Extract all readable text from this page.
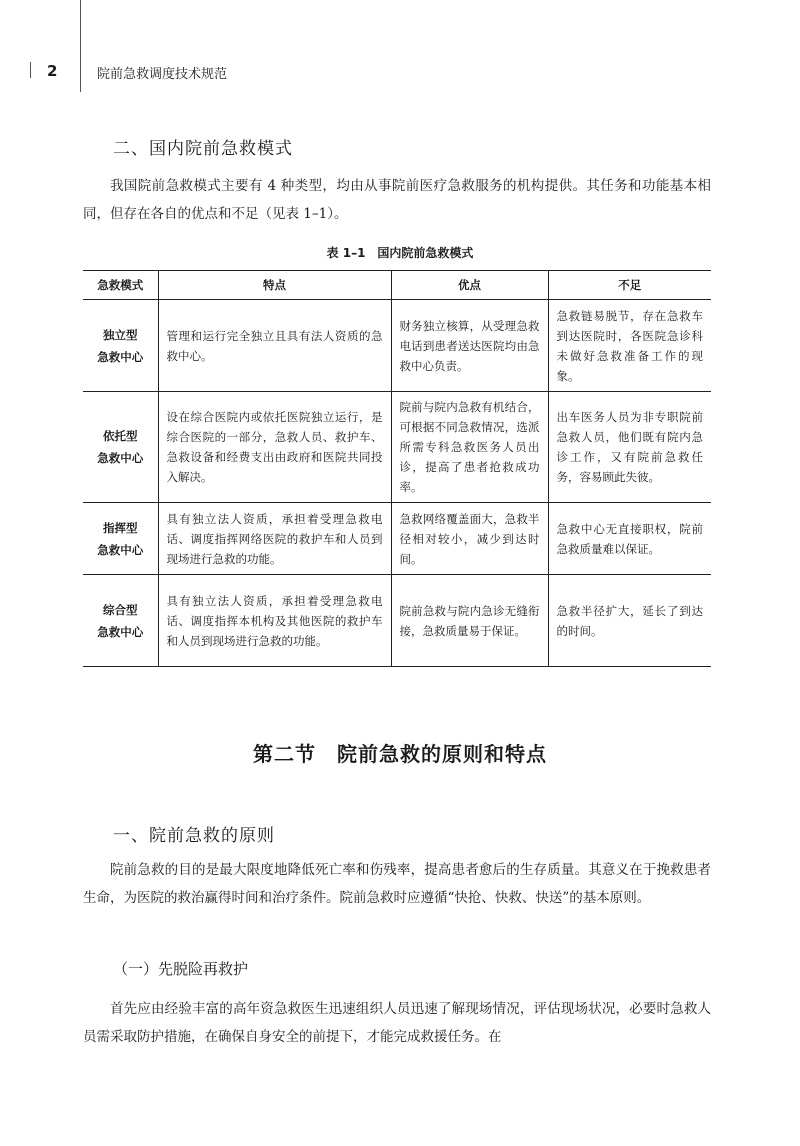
2	院前急救调度技术规范
二、国内院前急救模式
我国院前急救模式主要有 4 种类型，均由从事院前医疗急救服务的机构提供。其任务和功能基本相同，但存在各自的优点和不足（见表 1–1）。
表 1–1　国内院前急救模式
急救模式	特点	优点	不足

独立型
急救中心	管理和运行完全独立且具有法人资质的急救中心。	财务独立核算，从受理急救电话到患者送达医院均由急救中心负责。	急救链易脱节，存在急救车到达医院时，各医院急诊科未做好急救准备工作的现象。

依托型
急救中心	设在综合医院内或依托医院独立运行，是综合医院的一部分，急救人员、救护车、急救设备和经费支出由政府和医院共同投入解决。	院前与院内急救有机结合，可根据不同急救情况，选派所需专科急救医务人员出诊，提高了患者抢救成功率。	出车医务人员为非专职院前急救人员，他们既有院内急诊工作，又有院前急救任务，容易顾此失彼。

指挥型
急救中心	具有独立法人资质，承担着受理急救电话、调度指挥网络医院的救护车和人员到现场进行急救的功能。	急救网络覆盖面大，急救半径相对较小，减少到达时间。	急救中心无直接职权，院前急救质量难以保证。

综合型
急救中心	具有独立法人资质，承担着受理急救电话、调度指挥本机构及其他医院的救护车和人员到现场进行急救的功能。	院前急救与院内急诊无缝衔接，急救质量易于保证。	急救半径扩大，延长了到达的时间。
第二节　院前急救的原则和特点
一、院前急救的原则
院前急救的目的是最大限度地降低死亡率和伤残率，提高患者愈后的生存质量。其意义在于挽救患者生命，为医院的救治赢得时间和治疗条件。院前急救时应遵循“快抢、快救、快送”的基本原则。
（一）先脱险再救护
首先应由经验丰富的高年资急救医生迅速组织人员迅速了解现场情况，评估现场状况，必要时急救人员需采取防护措施，在确保自身安全的前提下，才能完成救援任务。在
